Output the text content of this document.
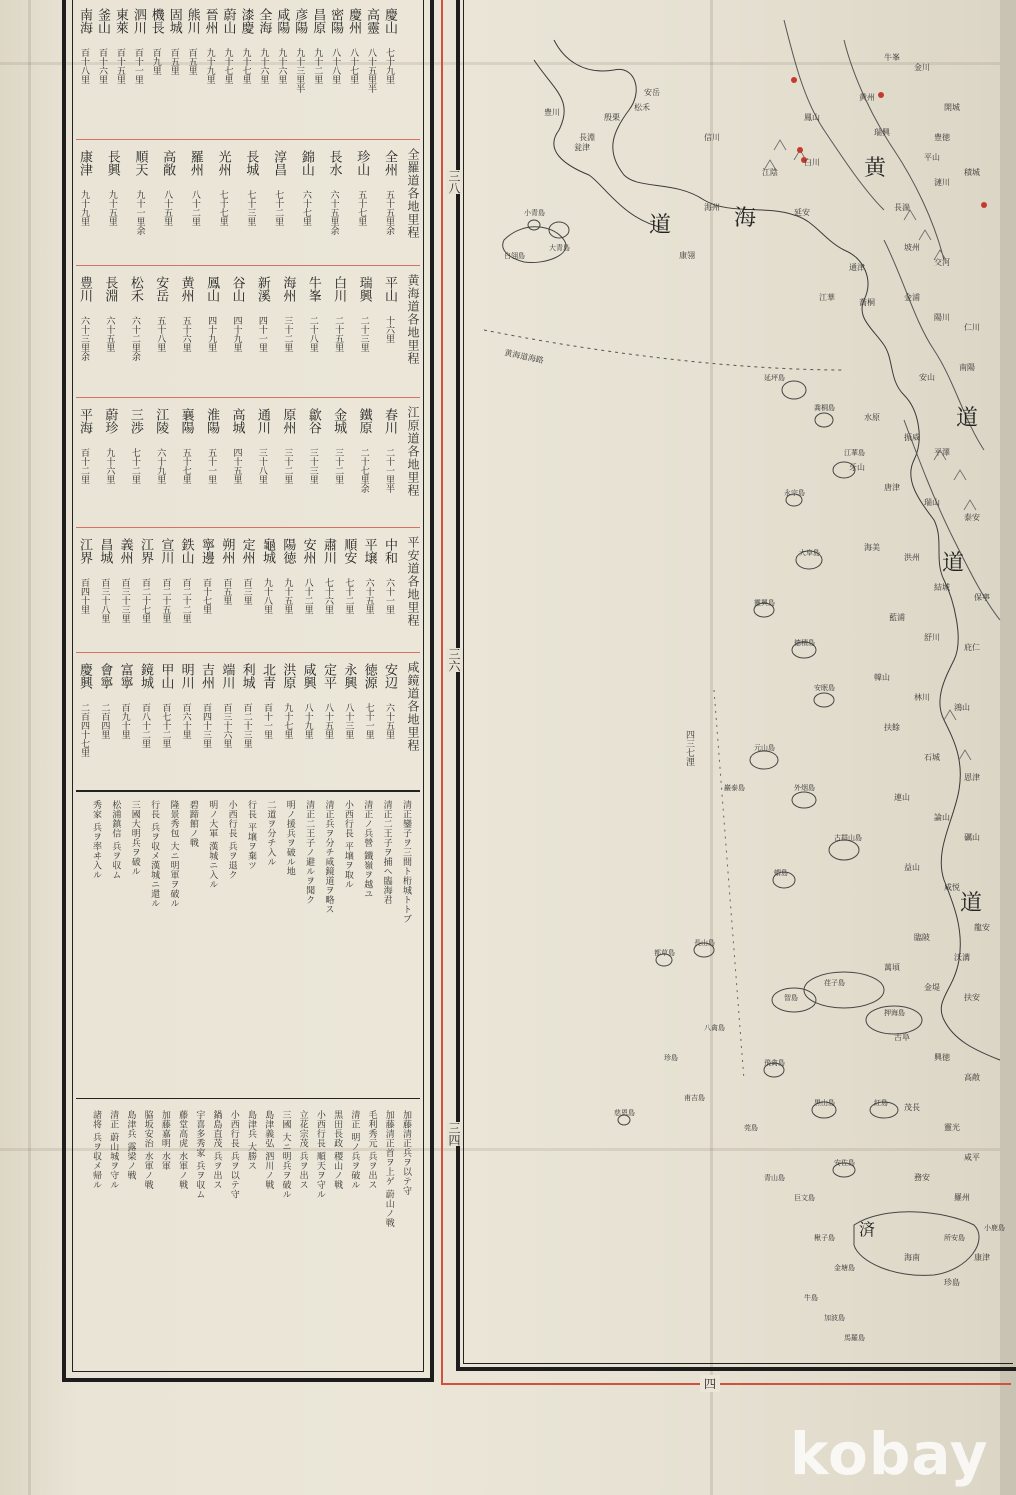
三八
三六
三四
四
黄
海
道
道
道
道
済
江陰
白川
延安
海州
康翎
瓮津
豊川
長淵
松禾
殷栗
安岳
信川
鳳山
黄州
瑞興
平山
牛峯
金川
開城
豊徳
長湍
漣川
積城
坡州
交河
通津
江華
喬桐
金浦
陽川
仁川
安山
南陽
水原
振威
平澤
牙山
唐津
瑞山
泰安
海美
洪州
結城
保寧
藍浦
舒川
庇仁
韓山
林川
鴻山
扶餘
石城
恩津
連山
論山
礪山
益山
咸悦
龍安
臨陂
沃溝
萬頃
金堤
扶安
古阜
興徳
高敞
茂長
靈光
咸平
務安
羅州
海南
珍島
康津
小青島
大青島
白翎島
延坪島
喬桐島
江華島
永宗島
大阜島
靈興島
德積島
安眠島
元山島
外烟島
古群山島
蝟島
荏子島
智島
押海島
飛禽島
黒山島	紅島
都草島
長山島
安佐島
慈恩島
巖泰島
八禽島
珍島
甫吉島
莞島
青山島
巨文島
楸子島	所安島
小鹿島
金塘島
牛島
加波島
馬羅島
四三七浬
黄海道海路
kobay
慶山
七十九里
高靈
八十五里半
慶州
八十七里
密陽
八十八里
昌原
九十二里
彦陽
九十三里半
咸陽
九十六里
全海
九十六里
漆慶
九十七里
蔚山
九十七里
晉州
九十九里
熊川
百五里
固城
百五里
機長
百九里
泗川
百十一里
東萊
百十五里
釜山
百十六里
南海
百十八里
全羅道各地里程
全州
五十五里余
珍山
五十七里
長水
六十五里余
錦山
六十七里
淳昌
七十二里
長城
七十三里
光州
七十七里
羅州
八十二里
高敞
八十五里
順天
九十一里余
長興
九十五里
康津
九十九里
黄海道各地里程
平山
十六里
瑞興
二十三里
白川
二十五里
牛峯
二十八里
海州
三十二里
新溪
四十一里
谷山
四十九里
鳳山
四十九里
黄州
五十六里
安岳
五十八里
松禾
六十二里余
長淵
六十五里
豊川
六十三里余
江原道各地里程
春川
二十一里半
鐵原
二十七里余
金城
三十二里
歙谷
三十三里
原州
三十二里
通川
三十八里
高城
四十五里
淮陽
五十一里
襄陽
五十七里
江陵
六十九里
三渉
七十二里
蔚珍
九十六里
平海
百十二里
平安道各地里程
中和
六十一里
平壌
六十五里
順安
七十二里
肅川
七十六里
安州
八十二里
陽徳
九十五里
龜城
九十八里
定州
百三里
朔州
百五里
寧邊
百十七里
鉄山
百二十二里
宣川
百二十五里
江界
百二十七里
義州
百三十三里
昌城
百三十八里
江界
百四十里
咸鏡道各地里程
安辺
六十五里
徳源
七十一里
永興
八十三里
定平
八十五里
咸興
八十九里
洪原
九十七里
北青
百十一里
利城
百二十三里
端川
百三十六里
吉州
百四十三里
明川
百六十里
甲山
百七十二里
鏡城
百八十二里
富寧
百九十里
會寧
二百四里
慶興
二百四十七里
清正鑾子ヲ三間ト桁城トトブ
清正二王子ヲ捕ヘ臨海君
清正ノ兵營 鐵嶺ヲ越ユ
小西行長 平壌ヲ取ル
清正兵ヲ分チ咸鏡道ヲ略ス
清正二王子ノ避ルヲ聞ク
明ノ援兵ヲ破ル地
二道ヲ分チ入ル
行長 平壌ヲ棄ツ
小西行長 兵ヲ退ク
明ノ大軍 漢城ニ入ル
碧蹄館ノ戦
隆景秀包 大ニ明軍ヲ破ル
行長 兵ヲ収メ漢城ニ還ル
三國大明兵ヲ破ル
松浦鎮信 兵ヲ収ム
秀家 兵ヲ率ヰ入ル
加藤清正兵ヲ以テ守
加藤清正首ヲ上ゲ 蔚山ノ戦
毛利秀元 兵ヲ出ス
清正 明ノ兵ヲ破ル
黒田長政 稷山ノ戦
小西行長 順天ヲ守ル
立花宗茂 兵ヲ出ス
三國 大ニ明兵ヲ破ル
島津義弘 泗川ノ戦
島津兵 大勝ス
小西行長 兵ヲ以テ守
鍋島直茂 兵ヲ出ス
宇喜多秀家 兵ヲ収ム
藤堂高虎 水軍ノ戦
加藤嘉明 水軍
脇坂安治 水軍ノ戦
島津兵 露梁ノ戦
清正 蔚山城ヲ守ル
諸将 兵ヲ収メ帰ル
